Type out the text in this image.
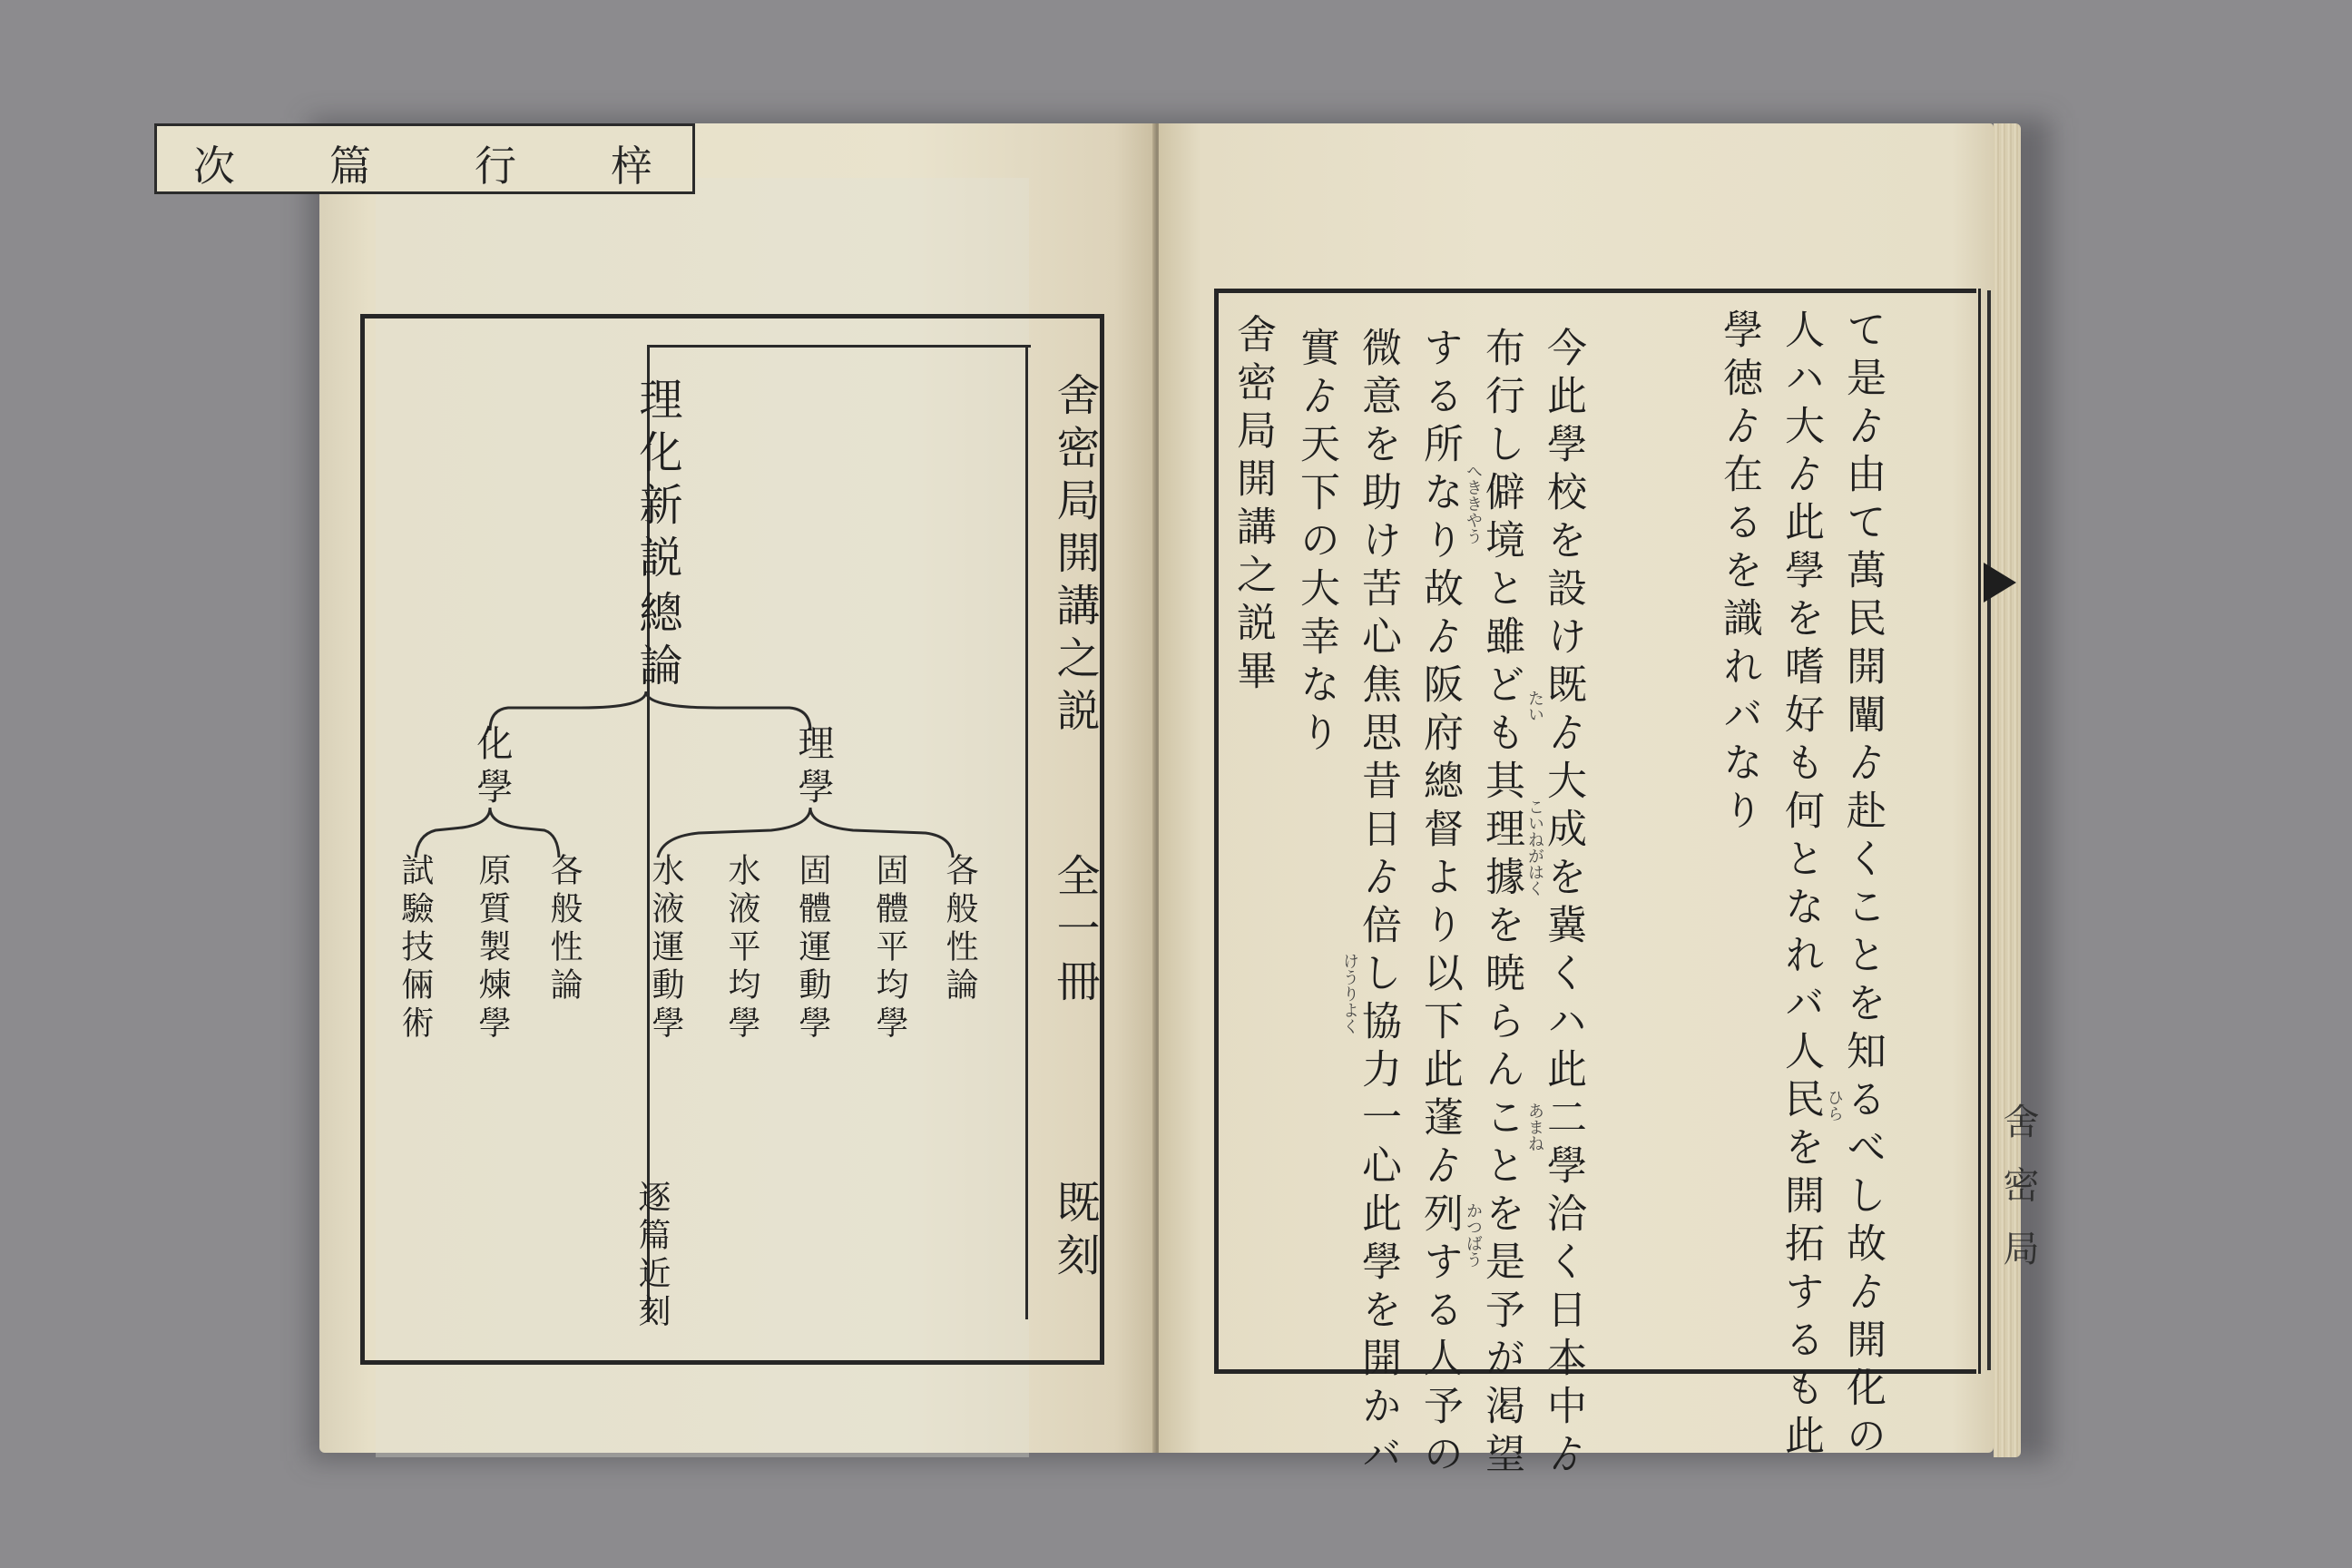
梓
行
篇
次
舍密局開講之説
全一冊
既刻
理化新説
總論
理學
化學
各般性論
固體平均學
固體運動學
水液平均學
水液運動學
各般性論
原質製煉學
試驗技倆術
逐篇近刻
　　　　　　　　　　　　	て是ゟ由て萬民開闡ゟ赴くことを知るべし故ゟ開化の
人ハ大ゟ此學を嗜好も何となれバ人民を開拓するも此
學徳ゟ在るを識れバなり
今此學校を設け既ゟ大成を冀くハ此二學洽く日本中ゟ
布行し僻境と雖ども其理據を暁らんことを是予が渇望
する所なり故ゟ阪府總督より以下此蓬ゟ列する人予の
微意を助け苦心焦思昔日ゟ倍し協力一心此學を開かバ
實ゟ天下の大幸なり
舍密局開講之説畢
ひら
たい
こいねがはく
あまね
へききやう
かつばう
けうりよく
舍
密
局
